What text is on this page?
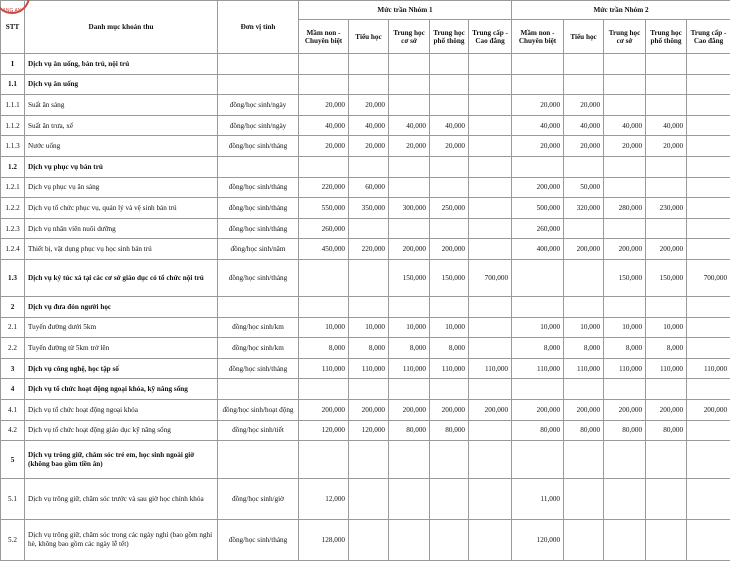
STT	Danh mục khoản thu	Đơn vị tính	Mức trần Nhóm 1					Mức trần Nhóm 2				
			Mầm non - Chuyên biệt	Tiểu học	Trung học cơ sở	Trung học phổ thông	Trung cấp - Cao đẳng	Mầm non - Chuyên biệt	Tiểu học	Trung học cơ sở	Trung học phổ thông	Trung cấp - Cao đẳng
I	Dịch vụ ăn uống, bán trú, nội trú											
1.1	Dịch vụ ăn uống											
1.1.1	Suất ăn sáng	đồng/học sinh/ngày	20,000	20,000				20,000	20,000			
1.1.2	Suất ăn trưa, xế	đồng/học sinh/ngày	40,000	40,000	40,000	40,000		40,000	40,000	40,000	40,000	
1.1.3	Nước uống	đồng/học sinh/tháng	20,000	20,000	20,000	20,000		20,000	20,000	20,000	20,000	
1.2	Dịch vụ phục vụ bán trú											
1.2.1	Dịch vụ phục vụ ăn sáng	đồng/học sinh/tháng	220,000	60,000				200,000	50,000			
1.2.2	Dịch vụ tổ chức phục vụ, quản lý và vệ sinh bán trú	đồng/học sinh/tháng	550,000	350,000	300,000	250,000		500,000	320,000	280,000	230,000	
1.2.3	Dịch vụ nhân viên nuôi dưỡng	đồng/học sinh/tháng	260,000					260,000				
1.2.4	Thiết bị, vật dụng phục vụ học sinh bán trú	đồng/học sinh/năm	450,000	220,000	200,000	200,000		400,000	200,000	200,000	200,000	
1.3	Dịch vụ ký túc xá tại các cơ sở giáo dục có tổ chức nội trú	đồng/học sinh/tháng			150,000	150,000	700,000			150,000	150,000	700,000
2	Dịch vụ đưa đón người học											
2.1	Tuyến đường dưới 5km	đồng/học sinh/km	10,000	10,000	10,000	10,000		10,000	10,000	10,000	10,000	
2.2	Tuyến đường từ 5km trở lên	đồng/học sinh/km	8,000	8,000	8,000	8,000		8,000	8,000	8,000	8,000	
3	Dịch vụ công nghệ, học tập số	đồng/học sinh/tháng	110,000	110,000	110,000	110,000	110,000	110,000	110,000	110,000	110,000	110,000
4	Dịch vụ tổ chức hoạt động ngoại khóa, kỹ năng sống											
4.1	Dịch vụ tổ chức hoạt động ngoại khóa	đồng/học sinh/hoạt động	200,000	200,000	200,000	200,000	200,000	200,000	200,000	200,000	200,000	200,000
4.2	Dịch vụ tổ chức hoạt động giáo dục kỹ năng sống	đồng/học sinh/tiết	120,000	120,000	80,000	80,000		80,000	80,000	80,000	80,000	
5	Dịch vụ trông giữ, chăm sóc trẻ em, học sinh ngoài giờ (không bao gồm tiền ăn)											
5.1	Dịch vụ trông giữ, chăm sóc trước và sau giờ học chính khóa	đồng/học sinh/giờ	12,000					11,000				
5.2	Dịch vụ trông giữ, chăm sóc trong các ngày nghỉ (bao gồm nghỉ hè, không bao gồm các ngày lễ tết)	đồng/học sinh/tháng	128,000					120,000				
ANG AN
